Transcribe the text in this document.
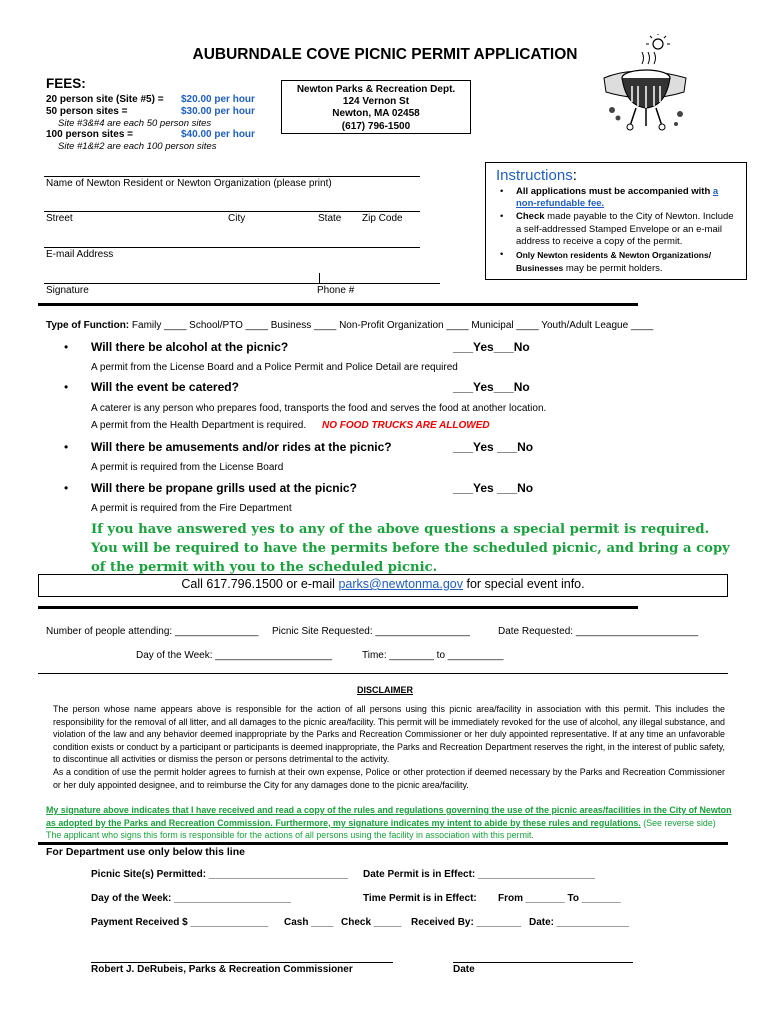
AUBURNDALE COVE PICNIC PERMIT APPLICATION
FEES:
20 person site (Site #5) = $20.00 per hour
50 person sites =	$30.00 per hour
Site #3&#4 are each 50 person sites
100 person sites =	$40.00 per hour
Site #1&#2 are each 100 person sites
Newton Parks & Recreation Dept.
124 Vernon St
Newton, MA 02458
(617) 796-1500
Name of Newton Resident or Newton Organization (please print)
Street	City	State Zip Code
E-mail Address
Signature	Phone #
Instructions:
• All applications must be accompanied with a non-refundable fee.
• Check made payable to the City of Newton. Include a self-addressed Stamped Envelope or an e-mail address to receive a copy of the permit.
• Only Newton residents & Newton Organizations/ Businesses may be permit holders.
Type of Function: Family ____ School/PTO ____ Business ____ Non-Profit Organization ____ Municipal ____ Youth/Adult League ____
• Will there be alcohol at the picnic?	___Yes___No
A permit from the License Board and a Police Permit and Police Detail are required
• Will the event be catered?	___Yes___No
A caterer is any person who prepares food, transports the food and serves the food at another location.
A permit from the Health Department is required. NO FOOD TRUCKS ARE ALLOWED
• Will there be amusements and/or rides at the picnic?	___Yes ___No
A permit is required from the License Board
• Will there be propane grills used at the picnic?	___Yes ___No
A permit is required from the Fire Department
If you have answered yes to any of the above questions a special permit is required. You will be required to have the permits before the scheduled picnic, and bring a copy of the permit with you to the scheduled picnic.
Call 617.796.1500 or e-mail parks@newtonma.gov for special event info.
Number of people attending: _______________ Picnic Site Requested: _________________	Date Requested: ______________________
Day of the Week: _____________________	Time: ________ to __________
DISCLAIMER
The person whose name appears above is responsible for the action of all persons using this picnic area/facility in association with this permit. This includes the responsibility for the removal of all litter, and all damages to the picnic area/facility. This permit will be immediately revoked for the use of alcohol, any illegal substance, and violation of the law and any behavior deemed inappropriate by the Parks and Recreation Commissioner or her duly appointed representative. If at any time an unfavorable condition exists or conduct by a participant or participants is deemed inappropriate, the Parks and Recreation Department reserves the right, in the interest of public safety, to discontinue all activities or dismiss the person or persons detrimental to the activity.
As a condition of use the permit holder agrees to furnish at their own expense, Police or other protection if deemed necessary by the Parks and Recreation Commissioner or her duly appointed designee, and to reimburse the City for any damages done to the picnic area/facility.
My signature above indicates that I have received and read a copy of the rules and regulations governing the use of the picnic areas/facilities in the City of Newton as adopted by the Parks and Recreation Commission. Furthermore, my signature indicates my intent to abide by these rules and regulations. (See reverse side)
The applicant who signs this form is responsible for the actions of all persons using the facility in association with this permit.
For Department use only below this line
Picnic Site(s) Permitted: _________________________ Date Permit is in Effect: _____________________
Day of the Week: _____________________	Time Permit is in Effect: From _______ To _______
Payment Received $ ______________ Cash ____ Check _____ Received By: ________ Date: _____________
Robert J. DeRubeis, Parks & Recreation Commissioner	Date
